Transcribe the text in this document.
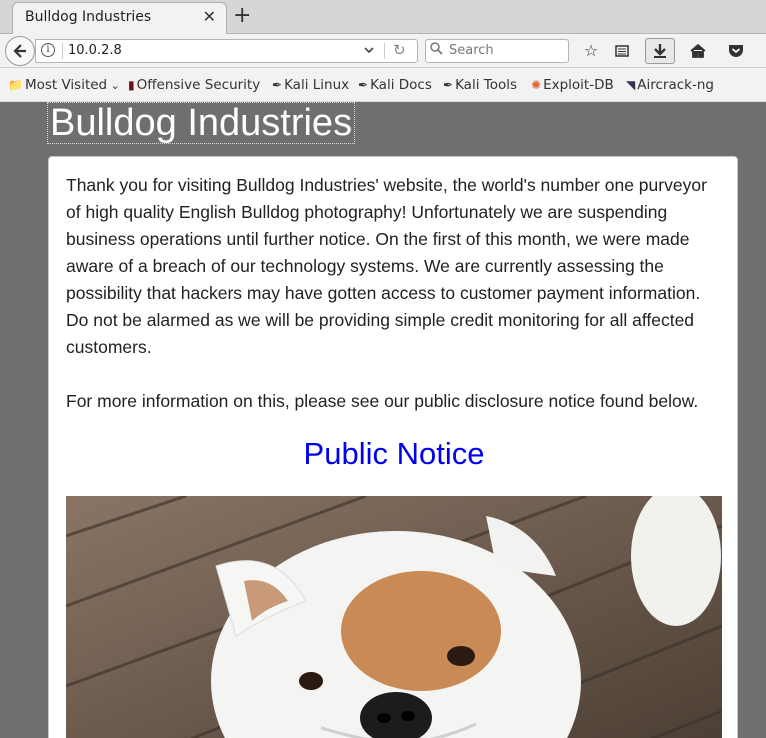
Bulldog Industries	✕ +
i	10.0.2.8	↻	Search	☆
📁 Most Visited ⌄ ▮ Offensive Security ✒ Kali Linux ✒ Kali Docs ✒ Kali Tools ✺ Exploit-DB ◥ Aircrack-ng
Bulldog Industries

Thank you for visiting Bulldog Industries' website, the world's number one purveyor of high quality English Bulldog photography! Unfortunately we are suspending business operations until further notice. On the first of this month, we were made aware of a breach of our technology systems. We are currently assessing the possibility that hackers may have gotten access to customer payment information. Do not be alarmed as we will be providing simple credit monitoring for all affected customers.

For more information on this, please see our public disclosure notice found below.

Public Notice
